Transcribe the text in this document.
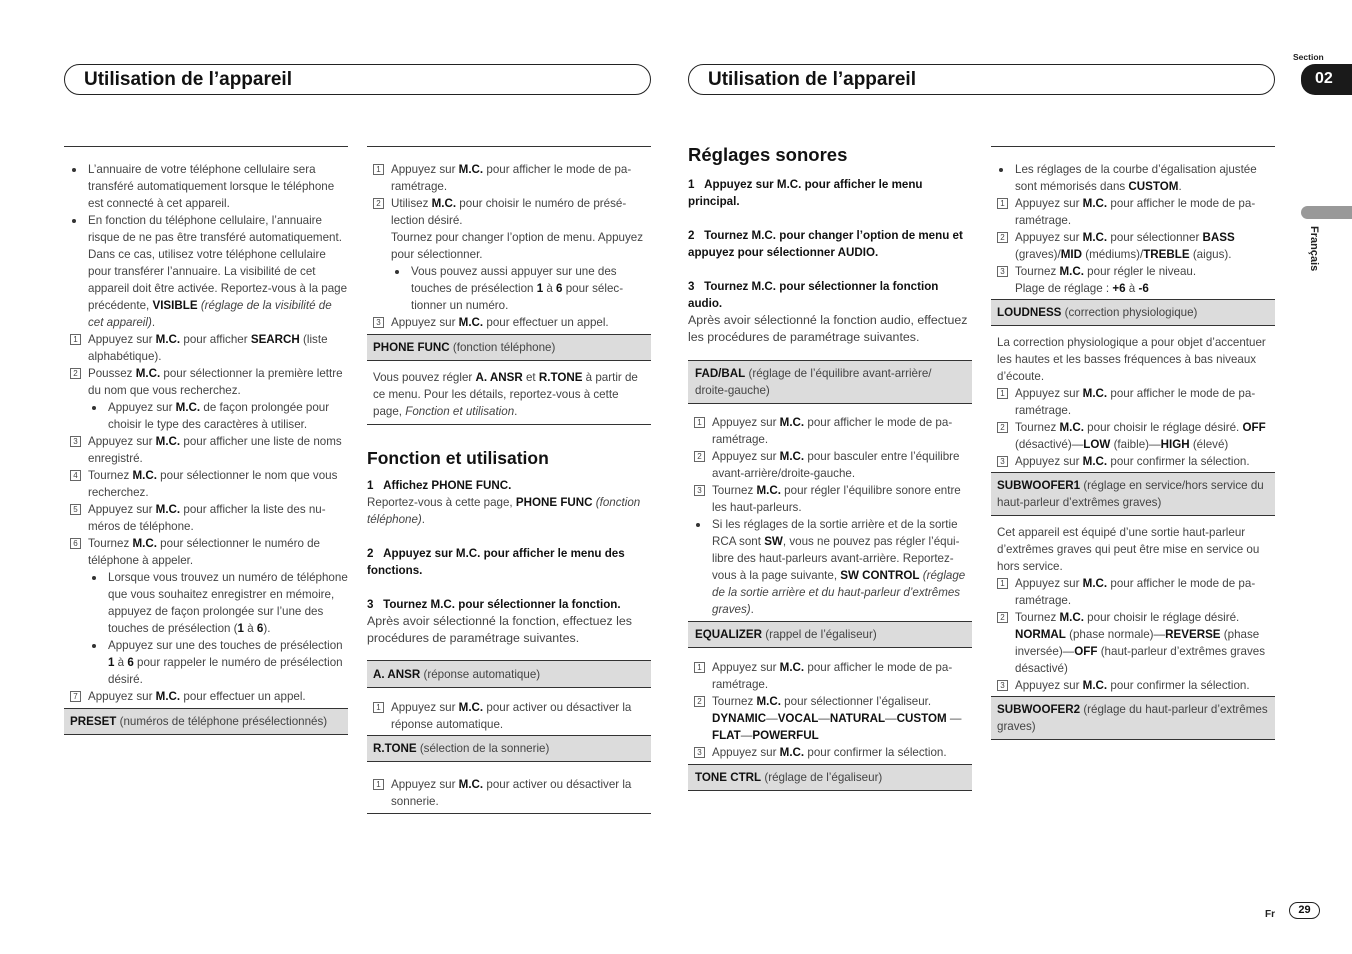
Utilisation de l’appareil	Utilisation de l’appareil
Section
02
Français
L’annuaire de votre téléphone cellulaire sera transféré automatiquement lorsque le téléphone est connecté à cet appareil.
En fonction du téléphone cellulaire, l’annuaire risque de ne pas être transféré automatiquement. Dans ce cas, utilisez votre téléphone cellulaire pour transférer l’annuaire. La visibilité de cet appareil doit être activée. Reportez-vous à la page précédente, VISIBLE (réglage de la visibilité de cet appareil).
1 Appuyez sur M.C. pour afficher SEARCH (liste alphabétique).
2 Poussez M.C. pour sélectionner la première lettre du nom que vous recherchez.
Appuyez sur M.C. de façon prolongée pour choisir le type des caractères à utiliser.
3 Appuyez sur M.C. pour afficher une liste de noms enregistré.
4 Tournez M.C. pour sélectionner le nom que vous recherchez.
5 Appuyez sur M.C. pour afficher la liste des numéros de téléphone.
6 Tournez M.C. pour sélectionner le numéro de téléphone à appeler.
Lorsque vous trouvez un numéro de téléphone que vous souhaitez enregistrer en mémoire, appuyez de façon prolongée sur l’une des touches de présélection (1 à 6).
Appuyez sur une des touches de présélection 1 à 6 pour rappeler le numéro de présélection désiré.
7 Appuyez sur M.C. pour effectuer un appel.
PRESET (numéros de téléphone présélectionnés)
1 Appuyez sur M.C. pour afficher le mode de paramétrage.
2 Utilisez M.C. pour choisir le numéro de présélection désiré.
Tournez pour changer l’option de menu. Appuyez pour sélectionner.
Vous pouvez aussi appuyer sur une des touches de présélection 1 à 6 pour sélectionner un numéro.
3 Appuyez sur M.C. pour effectuer un appel.
PHONE FUNC (fonction téléphone)
Vous pouvez régler A. ANSR et R.TONE à partir de ce menu. Pour les détails, reportez-vous à cette page, Fonction et utilisation.
Fonction et utilisation
1   Affichez PHONE FUNC.
Reportez-vous à cette page, PHONE FUNC (fonction téléphone).
2   Appuyez sur M.C. pour afficher le menu des fonctions.
3   Tournez M.C. pour sélectionner la fonction.
Après avoir sélectionné la fonction, effectuez les procédures de paramétrage suivantes.
A. ANSR (réponse automatique)
1 Appuyez sur M.C. pour activer ou désactiver la réponse automatique.
R.TONE (sélection de la sonnerie)
1 Appuyez sur M.C. pour activer ou désactiver la sonnerie.
Réglages sonores
1   Appuyez sur M.C. pour afficher le menu principal.
2   Tournez M.C. pour changer l’option de menu et appuyez pour sélectionner AUDIO.
3   Tournez M.C. pour sélectionner la fonction audio.
Après avoir sélectionné la fonction audio, effectuez les procédures de paramétrage suivantes.
FAD/BAL (réglage de l’équilibre avant-arrière/ droite-gauche)
1 Appuyez sur M.C. pour afficher le mode de paramétrage.
2 Appuyez sur M.C. pour basculer entre l’équilibre avant-arrière/droite-gauche.
3 Tournez M.C. pour régler l’équilibre sonore entre les haut-parleurs.
Si les réglages de la sortie arrière et de la sortie RCA sont SW, vous ne pouvez pas régler l’équilibre des haut-parleurs avant-arrière. Reportez-vous à la page suivante, SW CONTROL (réglage de la sortie arrière et du haut-parleur d’extrêmes graves).
EQUALIZER (rappel de l’égaliseur)
1 Appuyez sur M.C. pour afficher le mode de paramétrage.
2 Tournez M.C. pour sélectionner l’égaliseur. DYNAMIC—VOCAL—NATURAL—CUSTOM —FLAT—POWERFUL
3 Appuyez sur M.C. pour confirmer la sélection.
TONE CTRL (réglage de l’égaliseur)
Les réglages de la courbe d’égalisation ajustée sont mémorisés dans CUSTOM.
1 Appuyez sur M.C. pour afficher le mode de paramétrage.
2 Appuyez sur M.C. pour sélectionner BASS (graves)/MID (médiums)/TREBLE (aigus).
3 Tournez M.C. pour régler le niveau.
Plage de réglage : +6 à -6
LOUDNESS (correction physiologique)
La correction physiologique a pour objet d’accentuer les hautes et les basses fréquences à bas niveaux d’écoute.
1 Appuyez sur M.C. pour afficher le mode de paramétrage.
2 Tournez M.C. pour choisir le réglage désiré. OFF (désactivé)—LOW (faible)—HIGH (élevé)
3 Appuyez sur M.C. pour confirmer la sélection.
SUBWOOFER1 (réglage en service/hors service du haut-parleur d’extrêmes graves)
Cet appareil est équipé d’une sortie haut-parleur d’extrêmes graves qui peut être mise en service ou hors service.
1 Appuyez sur M.C. pour afficher le mode de paramétrage.
2 Tournez M.C. pour choisir le réglage désiré. NORMAL (phase normale)—REVERSE (phase inversée)—OFF (haut-parleur d’extrêmes graves désactivé)
3 Appuyez sur M.C. pour confirmer la sélection.
SUBWOOFER2 (réglage du haut-parleur d’extrêmes graves)
Fr	29
